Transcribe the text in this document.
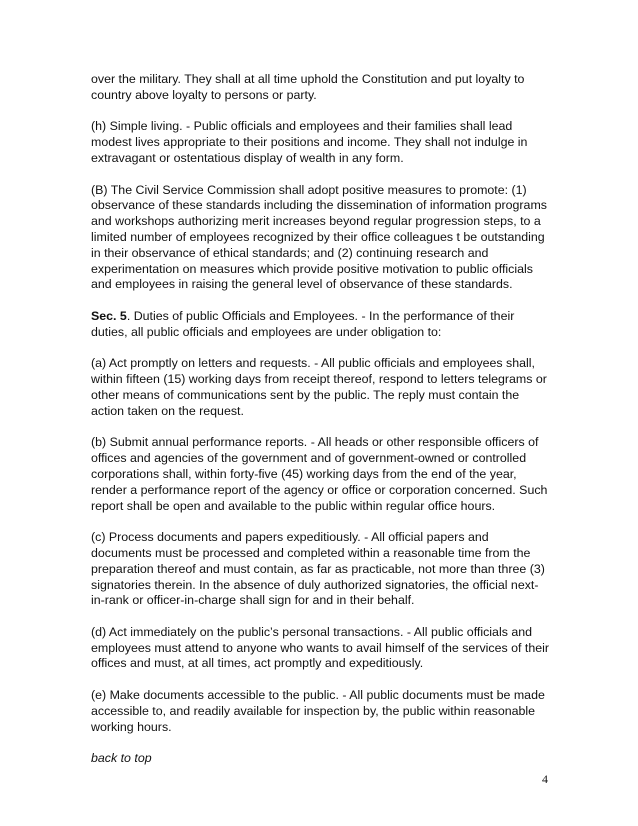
over the military. They shall at all time uphold the Constitution and put loyalty to country above loyalty to persons or party.

(h) Simple living. - Public officials and employees and their families shall lead modest lives appropriate to their positions and income. They shall not indulge in extravagant or ostentatious display of wealth in any form.

(B) The Civil Service Commission shall adopt positive measures to promote: (1) observance of these standards including the dissemination of information programs and workshops authorizing merit increases beyond regular progression steps, to a limited number of employees recognized by their office colleagues t be outstanding in their observance of ethical standards; and (2) continuing research and experimentation on measures which provide positive motivation to public officials and employees in raising the general level of observance of these standards.

Sec. 5. Duties of public Officials and Employees. - In the performance of their duties, all public officials and employees are under obligation to:

(a) Act promptly on letters and requests. - All public officials and employees shall, within fifteen (15) working days from receipt thereof, respond to letters telegrams or other means of communications sent by the public. The reply must contain the action taken on the request.

(b) Submit annual performance reports. - All heads or other responsible officers of offices and agencies of the government and of government-owned or controlled corporations shall, within forty-five (45) working days from the end of the year, render a performance report of the agency or office or corporation concerned. Such report shall be open and available to the public within regular office hours.

(c) Process documents and papers expeditiously. - All official papers and documents must be processed and completed within a reasonable time from the preparation thereof and must contain, as far as practicable, not more than three (3) signatories therein. In the absence of duly authorized signatories, the official next-in-rank or officer-in-charge shall sign for and in their behalf.

(d) Act immediately on the public’s personal transactions. - All public officials and employees must attend to anyone who wants to avail himself of the services of their offices and must, at all times, act promptly and expeditiously.

(e) Make documents accessible to the public. - All public documents must be made accessible to, and readily available for inspection by, the public within reasonable working hours.

back to top

4
